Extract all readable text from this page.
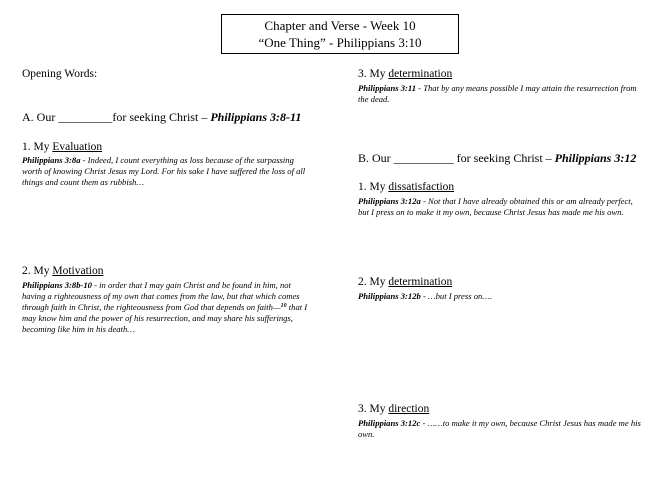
Chapter and Verse - Week 10
“One Thing” - Philippians 3:10
Opening Words:
A. Our _________for seeking Christ – Philippians 3:8-11
1. My Evaluation
Philippians 3:8a - Indeed, I count everything as loss because of the surpassing worth of knowing Christ Jesus my Lord. For his sake I have suffered the loss of all things and count them as rubbish…
2. My Motivation
Philippians 3:8b-10 - in order that I may gain Christ and be found in him, not having a righteousness of my own that comes from the law, but that which comes through faith in Christ, the righteousness from God that depends on faith—$^{10}$ that I may know him and the power of his resurrection, and may share his sufferings, becoming like him in his death…
3. My determination
Philippians 3:11 - That by any means possible I may attain the resurrection from the dead.
B. Our __________ for seeking Christ – Philippians 3:12
1. My dissatisfaction
Philippians 3:12a - Not that I have already obtained this or am already perfect, but I press on to make it my own, because Christ Jesus has made me his own.
2. My determination
Philippians 3:12b - …but I press on….
3. My direction
Philippians 3:12c - ……to make it my own, because Christ Jesus has made me his own.
